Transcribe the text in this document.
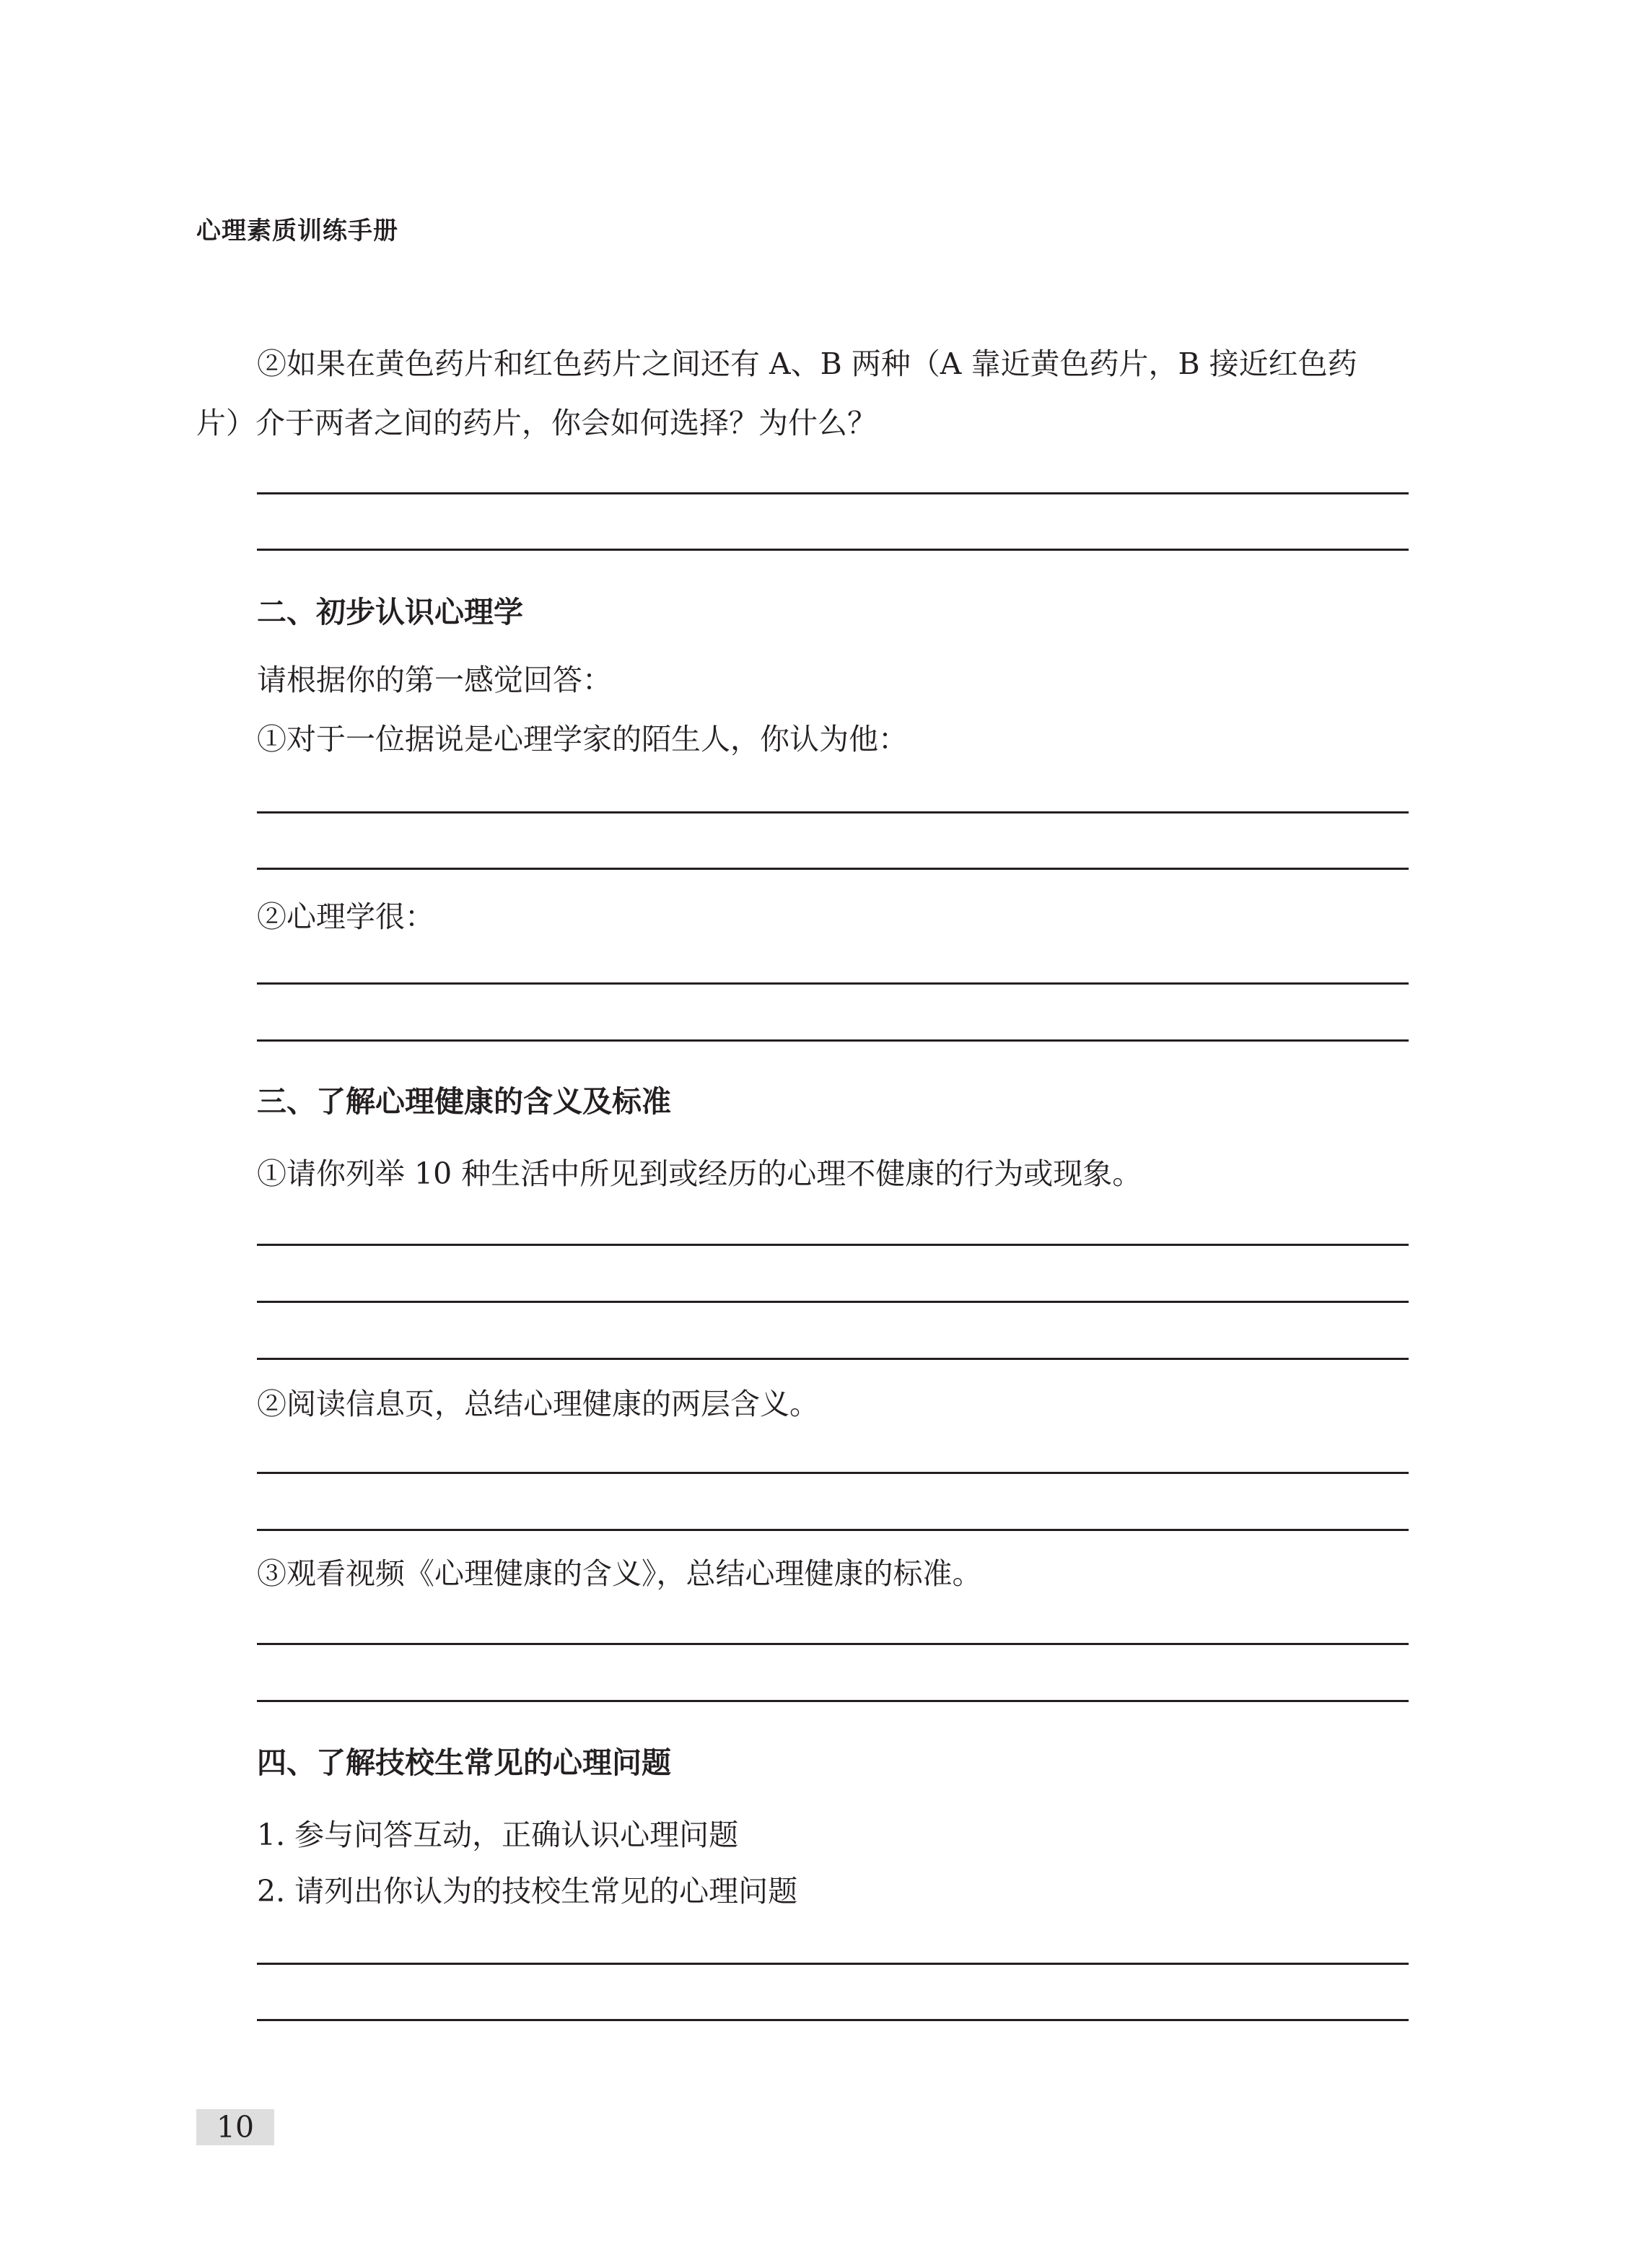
心理素质训练手册
②如果在黄色药片和红色药片之间还有 A、B 两种（A 靠近黄色药片，B 接近红色药
片）介于两者之间的药片，你会如何选择？为什么？
二、初步认识心理学
请根据你的第一感觉回答：
①对于一位据说是心理学家的陌生人，你认为他：
②心理学很：
三、了解心理健康的含义及标准
①请你列举 10 种生活中所见到或经历的心理不健康的行为或现象。
②阅读信息页，总结心理健康的两层含义。
③观看视频《心理健康的含义》，总结心理健康的标准。
四、了解技校生常见的心理问题
1. 参与问答互动，正确认识心理问题
2. 请列出你认为的技校生常见的心理问题
10
